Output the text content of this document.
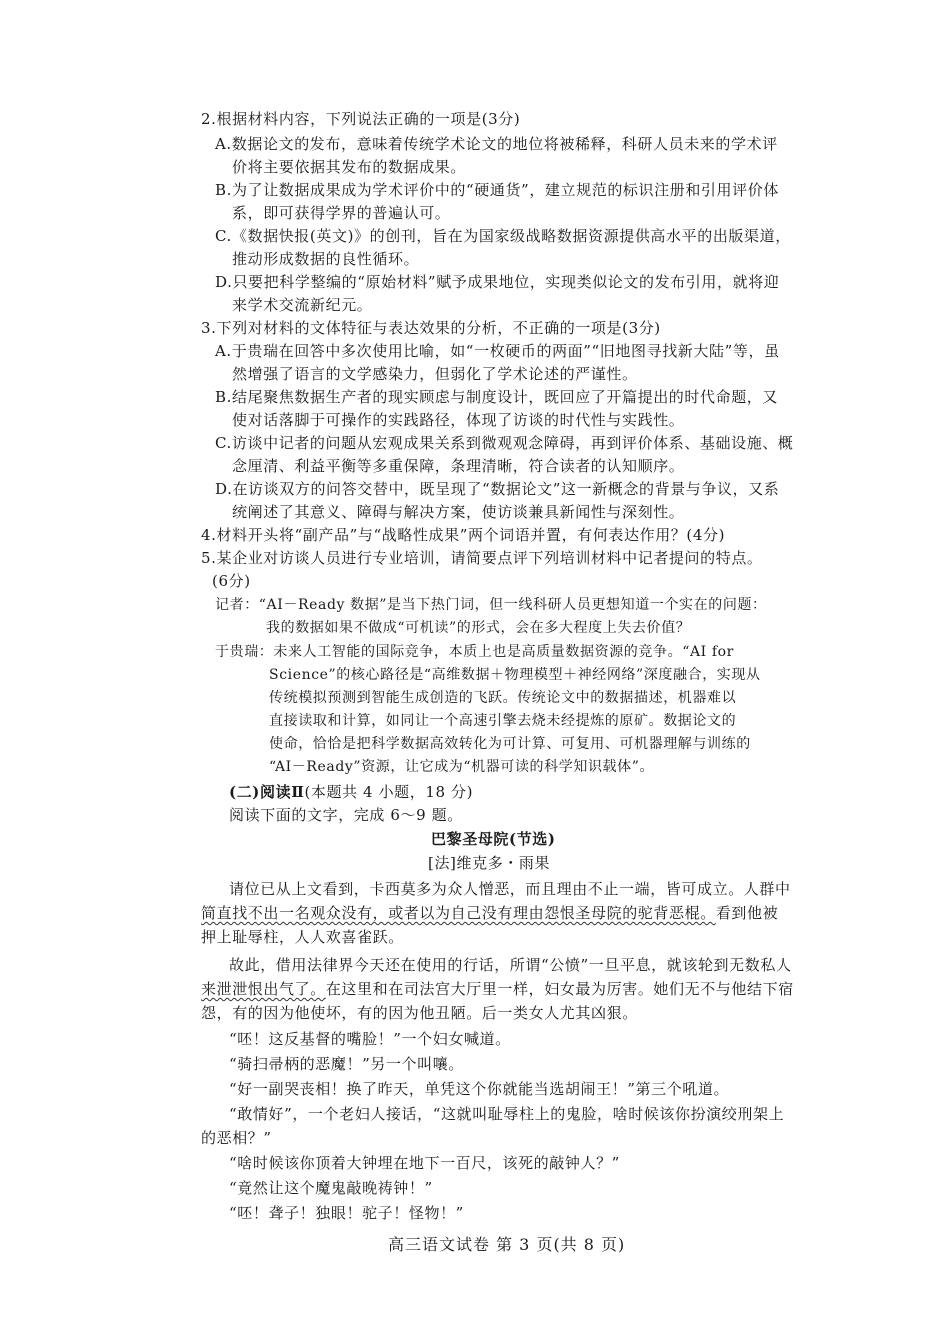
2.根据材料内容，下列说法正确的一项是(3分)

A.数据论文的发布，意味着传统学术论文的地位将被稀释，科研人员未来的学术评

价将主要依据其发布的数据成果。

B.为了让数据成果成为学术评价中的“硬通货”，建立规范的标识注册和引用评价体

系，即可获得学界的普遍认可。

C.《数据快报(英文)》的创刊，旨在为国家级战略数据资源提供高水平的出版渠道，

推动形成数据的良性循环。

D.只要把科学整编的“原始材料”赋予成果地位，实现类似论文的发布引用，就将迎

来学术交流新纪元。

3.下列对材料的文体特征与表达效果的分析，不正确的一项是(3分)

A.于贵瑞在回答中多次使用比喻，如“一枚硬币的两面”“旧地图寻找新大陆”等，虽

然增强了语言的文学感染力，但弱化了学术论述的严谨性。

B.结尾聚焦数据生产者的现实顾虑与制度设计，既回应了开篇提出的时代命题，又

使对话落脚于可操作的实践路径，体现了访谈的时代性与实践性。

C.访谈中记者的问题从宏观成果关系到微观观念障碍，再到评价体系、基础设施、概

念厘清、利益平衡等多重保障，条理清晰，符合读者的认知顺序。

D.在访谈双方的问答交替中，既呈现了“数据论文”这一新概念的背景与争议，又系

统阐述了其意义、障碍与解决方案，使访谈兼具新闻性与深刻性。

4.材料开头将“副产品”与“战略性成果”两个词语并置，有何表达作用？(4分)

5.某企业对访谈人员进行专业培训，请简要点评下列培训材料中记者提问的特点。

(6分)

记者：“AI－Ready 数据”是当下热门词，但一线科研人员更想知道一个实在的问题：

我的数据如果不做成“可机读”的形式，会在多大程度上失去价值？

于贵瑞：未来人工智能的国际竞争，本质上也是高质量数据资源的竞争。“AI for

Science”的核心路径是“高维数据＋物理模型＋神经网络”深度融合，实现从

传统模拟预测到智能生成创造的飞跃。传统论文中的数据描述，机器难以

直接读取和计算，如同让一个高速引擎去烧未经提炼的原矿。数据论文的

使命，恰恰是把科学数据高效转化为可计算、可复用、可机器理解与训练的

“AI－Ready”资源，让它成为“机器可读的科学知识载体”。

(二)阅读Ⅱ(本题共 4 小题，18 分)

阅读下面的文字，完成 6～9 题。

巴黎圣母院(节选)

[法]维克多・雨果

请位已从上文看到，卡西莫多为众人憎恶，而且理由不止一端，皆可成立。人群中

简直找不出一名观众没有，或者以为自己没有理由怨恨圣母院的驼背恶棍。看到他被

押上耻辱柱，人人欢喜雀跃。

故此，借用法律界今天还在使用的行话，所谓“公愤”一旦平息，就该轮到无数私人

来泄泄恨出气了。在这里和在司法宫大厅里一样，妇女最为厉害。她们无不与他结下宿

怨，有的因为他使坏，有的因为他丑陋。后一类女人尤其凶狠。

“呸！这反基督的嘴脸！”一个妇女喊道。

“骑扫帚柄的恶魔！”另一个叫嚷。

“好一副哭丧相！换了昨天，单凭这个你就能当选胡闹王！”第三个吼道。

“敢情好”，一个老妇人接话，“这就叫耻辱柱上的鬼脸，啥时候该你扮演绞刑架上

的恶相？”

“啥时候该你顶着大钟埋在地下一百尺，该死的敲钟人？”

“竟然让这个魔鬼敲晚祷钟！”

“呸！聋子！独眼！驼子！怪物！”

高三语文试卷 第 3 页(共 8 页)
